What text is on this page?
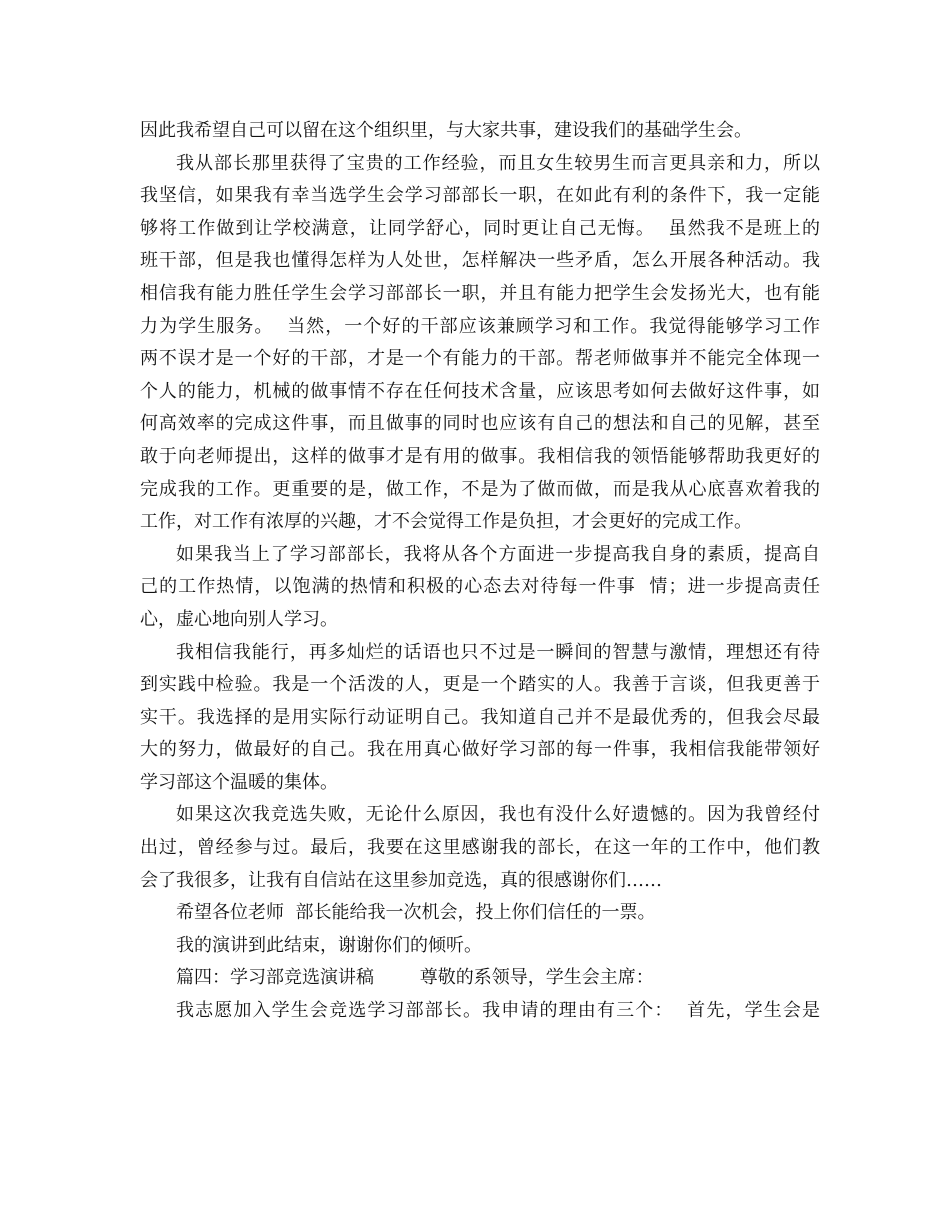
因此我希望自己可以留在这个组织里，与大家共事，建设我们的基础学生会。
我从部长那里获得了宝贵的工作经验，而且女生较男生而言更具亲和力，所以
我坚信，如果我有幸当选学生会学习部部长一职，在如此有利的条件下，我一定能
够将工作做到让学校满意，让同学舒心，同时更让自己无悔。  虽然我不是班上的
班干部，但是我也懂得怎样为人处世，怎样解决一些矛盾，怎么开展各种活动。我
相信我有能力胜任学生会学习部部长一职，并且有能力把学生会发扬光大，也有能
力为学生服务。  当然，一个好的干部应该兼顾学习和工作。我觉得能够学习工作
两不误才是一个好的干部，才是一个有能力的干部。帮老师做事并不能完全体现一
个人的能力，机械的做事情不存在任何技术含量，应该思考如何去做好这件事，如
何高效率的完成这件事，而且做事的同时也应该有自己的想法和自己的见解，甚至
敢于向老师提出，这样的做事才是有用的做事。我相信我的领悟能够帮助我更好的
完成我的工作。更重要的是，做工作，不是为了做而做，而是我从心底喜欢着我的
工作，对工作有浓厚的兴趣，才不会觉得工作是负担，才会更好的完成工作。
如果我当上了学习部部长，我将从各个方面进一步提高我自身的素质，提高自
己的工作热情，以饱满的热情和积极的心态去对待每一件事  情；进一步提高责任
心，虚心地向别人学习。
我相信我能行，再多灿烂的话语也只不过是一瞬间的智慧与激情，理想还有待
到实践中检验。我是一个活泼的人，更是一个踏实的人。我善于言谈，但我更善于
实干。我选择的是用实际行动证明自己。我知道自己并不是最优秀的，但我会尽最
大的努力，做最好的自己。我在用真心做好学习部的每一件事，我相信我能带领好
学习部这个温暖的集体。
如果这次我竞选失败，无论什么原因，我也有没什么好遗憾的。因为我曾经付
出过，曾经参与过。最后，我要在这里感谢我的部长，在这一年的工作中，他们教
会了我很多，让我有自信站在这里参加竞选，真的很感谢你们……
希望各位老师  部长能给我一次机会，投上你们信任的一票。
我的演讲到此结束，谢谢你们的倾听。
篇四：学习部竞选演讲稿        尊敬的系领导，学生会主席：
我志愿加入学生会竞选学习部部长。我申请的理由有三个：  首先，学生会是
